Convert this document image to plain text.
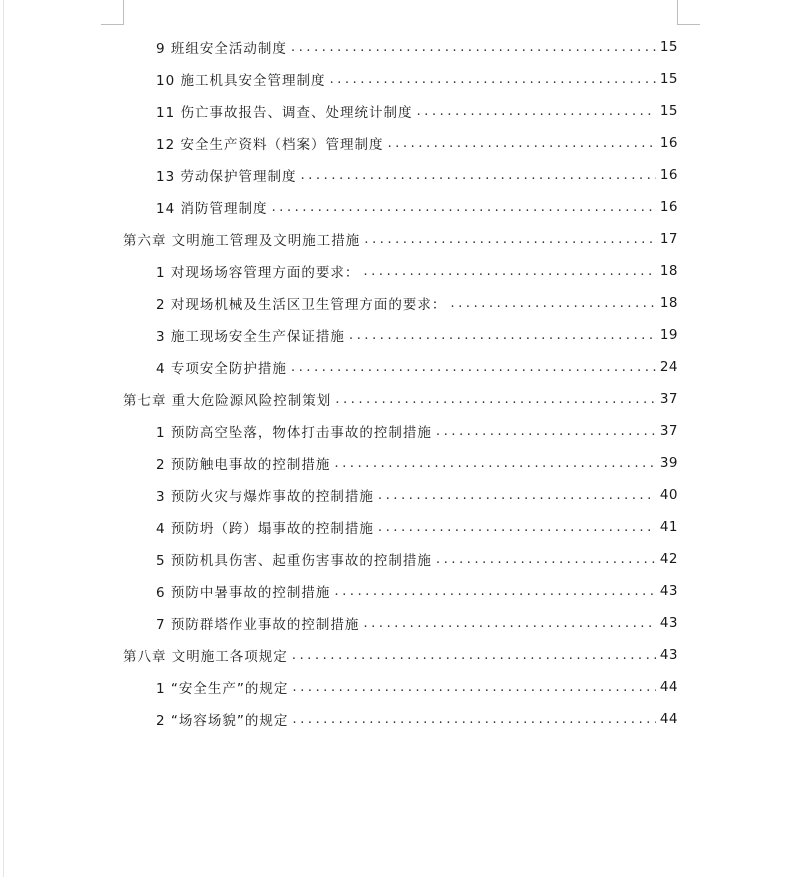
9 班组安全活动制度 .....	15
10 施工机具安全管理制度 .....	15
11 伤亡事故报告、调查、处理统计制度 .....	15
12 安全生产资料（档案）管理制度 .....	16
13 劳动保护管理制度 .....	16
14 消防管理制度 .....	16
第六章 文明施工管理及文明施工措施 .....	17
1 对现场场容管理方面的要求： .....	18
2 对现场机械及生活区卫生管理方面的要求： .....	18
3 施工现场安全生产保证措施 .....	19
4 专项安全防护措施 .....	24
第七章 重大危险源风险控制策划 .....	37
1 预防高空坠落，物体打击事故的控制措施 .....	37
2 预防触电事故的控制措施 .....	39
3 预防火灾与爆炸事故的控制措施 .....	40
4 预防坍（跨）塌事故的控制措施 .....	41
5 预防机具伤害、起重伤害事故的控制措施 .....	42
6 预防中暑事故的控制措施 .....	43
7 预防群塔作业事故的控制措施 .....	43
第八章 文明施工各项规定 .....	43
1 “安全生产”的规定 .....	44
2 “场容场貌”的规定 .....	44
